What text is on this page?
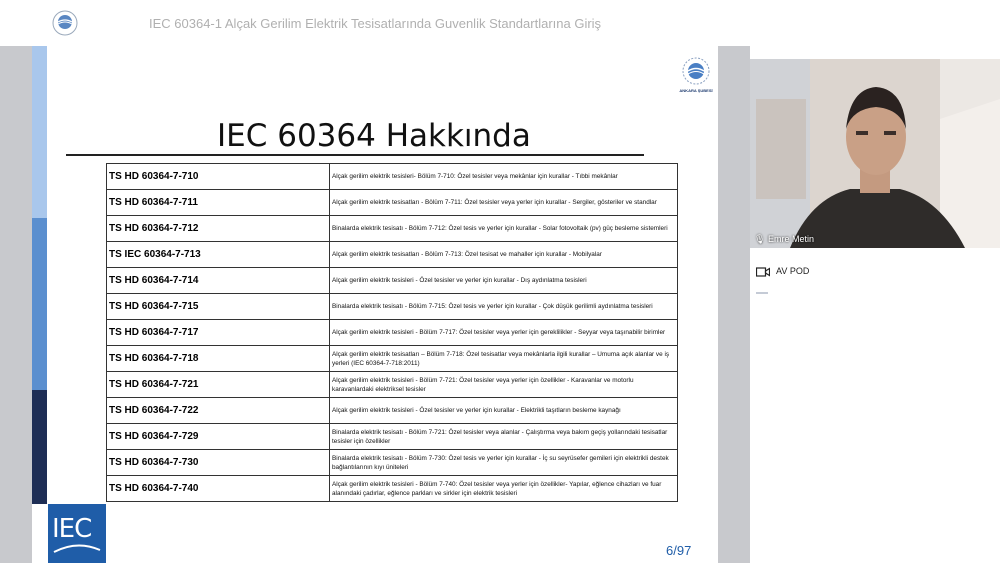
IEC 60364-1 Alçak Gerilim Elektrik Tesisatlarında Guvenlik Standartlarına Giriş
ANKARA ŞUBESİ
IEC 60364 Hakkında
TS HD 60364-7-710	Alçak gerilim elektrik tesisleri- Bölüm 7-710: Özel tesisler veya mekânlar için kurallar - Tıbbi mekânlar
TS HD 60364-7-711	Alçak gerilim elektrik tesisatları - Bölüm 7-711: Özel tesisler veya yerler için kurallar - Sergiler, gösteriler ve standlar
TS HD 60364-7-712	Binalarda elektrik tesisatı - Bölüm 7-712: Özel tesis ve yerler için kurallar - Solar fotovoltaik (pv) güç besleme sistemleri
TS IEC 60364-7-713	Alçak gerilim elektrik tesisatları - Bölüm 7-713: Özel tesisat ve mahaller için kurallar - Mobilyalar
TS HD 60364-7-714	Alçak gerilim elektrik tesisleri - Özel tesisler ve yerler için kurallar - Dış aydınlatma tesisleri
TS HD 60364-7-715	Binalarda elektrik tesisatı - Bölüm 7-715: Özel tesis ve yerler için kurallar - Çok düşük gerilimli aydınlatma tesisleri
TS HD 60364-7-717	Alçak gerilim elektrik tesisleri - Bölüm 7-717: Özel tesisler veya yerler için gereklilikler - Seyyar veya taşınabilir birimler
TS HD 60364-7-718	Alçak gerilim elektrik tesisatları – Bölüm 7-718: Özel tesisatlar veya mekânlarla ilgili kurallar – Umuma açık alanlar ve iş yerleri (IEC 60364-7-718:2011)
TS HD 60364-7-721	Alçak gerilim elektrik tesisleri - Bölüm 7-721: Özel tesisler veya yerler için özellikler - Karavanlar ve motorlu karavanlardaki elektriksel tesisler
TS HD 60364-7-722	Alçak gerilim elektrik tesisleri - Özel tesisler ve yerler için kurallar - Elektrikli taşıtların besleme kaynağı
TS HD 60364-7-729	Binalarda elektrik tesisatı - Bölüm 7-721: Özel tesisler veya alanlar - Çalıştırma veya bakım geçiş yollarındaki tesisatlar tesisler için özellikler
TS HD 60364-7-730	Binalarda elektrik tesisatı - Bölüm 7-730: Özel tesis ve yerler için kurallar - İç su seyrüsefer gemileri için elektrikli destek bağlantılarının kıyı üniteleri
TS HD 60364-7-740	Alçak gerilim elektrik tesisleri - Bölüm 7-740: Özel tesisler veya yerler için özellikler- Yapılar, eğlence cihazları ve fuar alanındaki çadırlar, eğlence parkları ve sirkler için elektrik tesisleri
IEC
6/97
🎙 Emre Metin
AV POD
